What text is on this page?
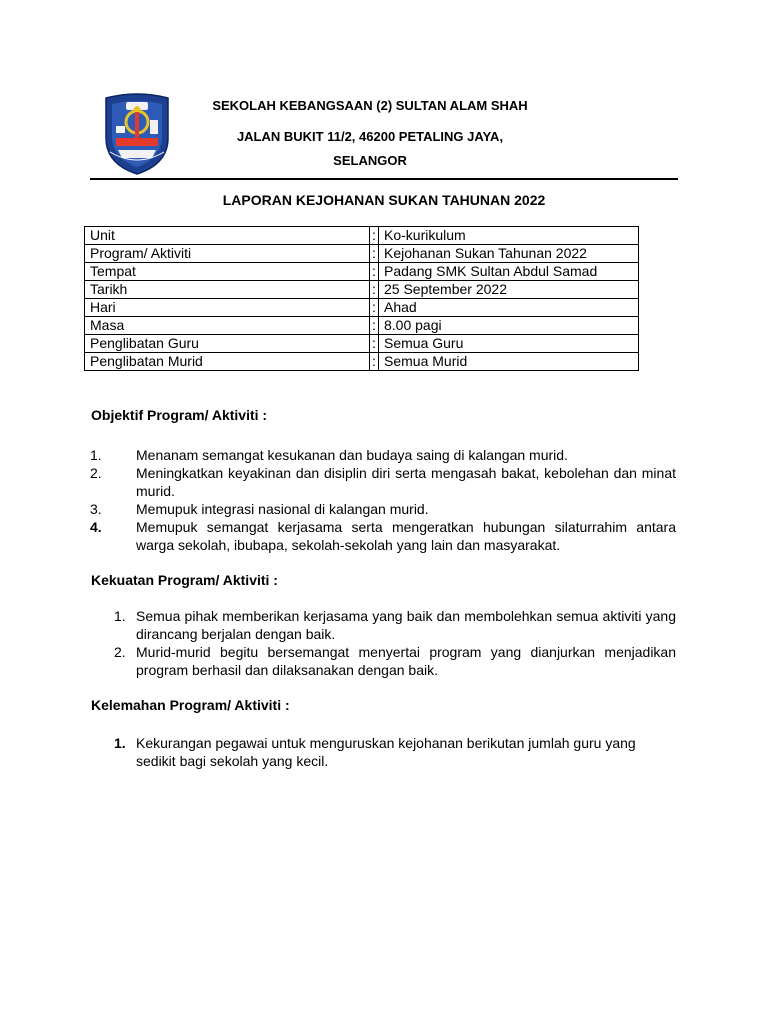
SEKOLAH KEBANGSAAN (2) SULTAN ALAM SHAH
JALAN BUKIT 11/2, 46200 PETALING JAYA,
SELANGOR
LAPORAN KEJOHANAN SUKAN TAHUNAN 2022
Unit	:	Ko-kurikulum
Program/ Aktiviti	:	Kejohanan Sukan Tahunan 2022
Tempat	:	Padang SMK Sultan Abdul Samad
Tarikh	:	25 September 2022
Hari	:	Ahad
Masa	:	8.00 pagi
Penglibatan Guru	:	Semua Guru
Penglibatan Murid	:	Semua Murid
Objektif Program/ Aktiviti :
1. Menanam semangat kesukanan dan budaya saing di kalangan murid.
2. Meningkatkan keyakinan dan disiplin diri serta mengasah bakat, kebolehan dan minat murid.
3. Memupuk integrasi nasional di kalangan murid.
4. Memupuk semangat kerjasama serta mengeratkan hubungan silaturrahim antara warga sekolah, ibubapa, sekolah-sekolah yang lain dan masyarakat.
Kekuatan Program/ Aktiviti :
1. Semua pihak memberikan kerjasama yang baik dan membolehkan semua aktiviti yang dirancang berjalan dengan baik.
2. Murid-murid begitu bersemangat menyertai program yang dianjurkan menjadikan program berhasil dan dilaksanakan dengan baik.
Kelemahan Program/ Aktiviti :
1. Kekurangan pegawai untuk menguruskan kejohanan berikutan jumlah guru yang sedikit bagi sekolah yang kecil.
